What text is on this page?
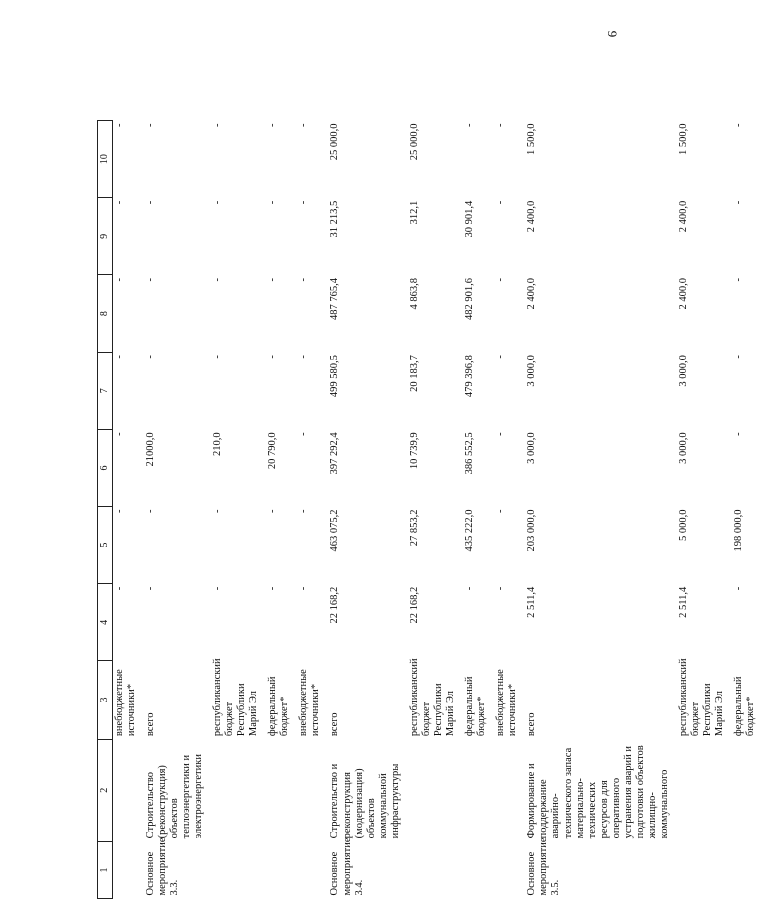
9
1	2	3	4	5	6	7	8	9	10
		внебюджетные источники*	-	-	-	-	-	-	-
Основное мероприятие 3.3.	Строительство (реконструкция) объектов теплоэнергетики и электроэнергетики	всего	-	-	21000,0	-	-	-	-
		республиканский бюджет Республики Марий Эл	-	-	210,0	-	-	-	-
		федеральный бюджет*	-	-	20 790,0	-	-	-	-
		внебюджетные источники*	-	-	-	-	-	-	-
Основное мероприятие 3.4.	Строительство и реконструкция (модернизация) объектов коммунальной инфраструктуры	всего	22 168,2	463 075,2	397 292,4	499 580,5	487 765,4	31 213,5	25 000,0
		республиканский бюджет Республики Марий Эл	22 168,2	27 853,2	10 739,9	20 183,7	4 863,8	312,1	25 000,0
		федеральный бюджет*	-	435 222,0	386 552,5	479 396,8	482 901,6	30 901,4	-
		внебюджетные источники*	-	-	-	-	-	-	-
Основное мероприятие 3.5.	Формирование и поддержание аварийно-технического запаса материально-технических ресурсов для оперативного устранения аварий и подготовки объектов жилищно-коммунального	всего	2 511,4	203 000,0	3 000,0	3 000,0	2 400,0	2 400,0	1 500,0
		республиканский бюджет Республики Марий Эл	2 511,4	5 000,0	3 000,0	3 000,0	2 400,0	2 400,0	1 500,0
		федеральный бюджет*	-	198 000,0	-	-	-	-	-
